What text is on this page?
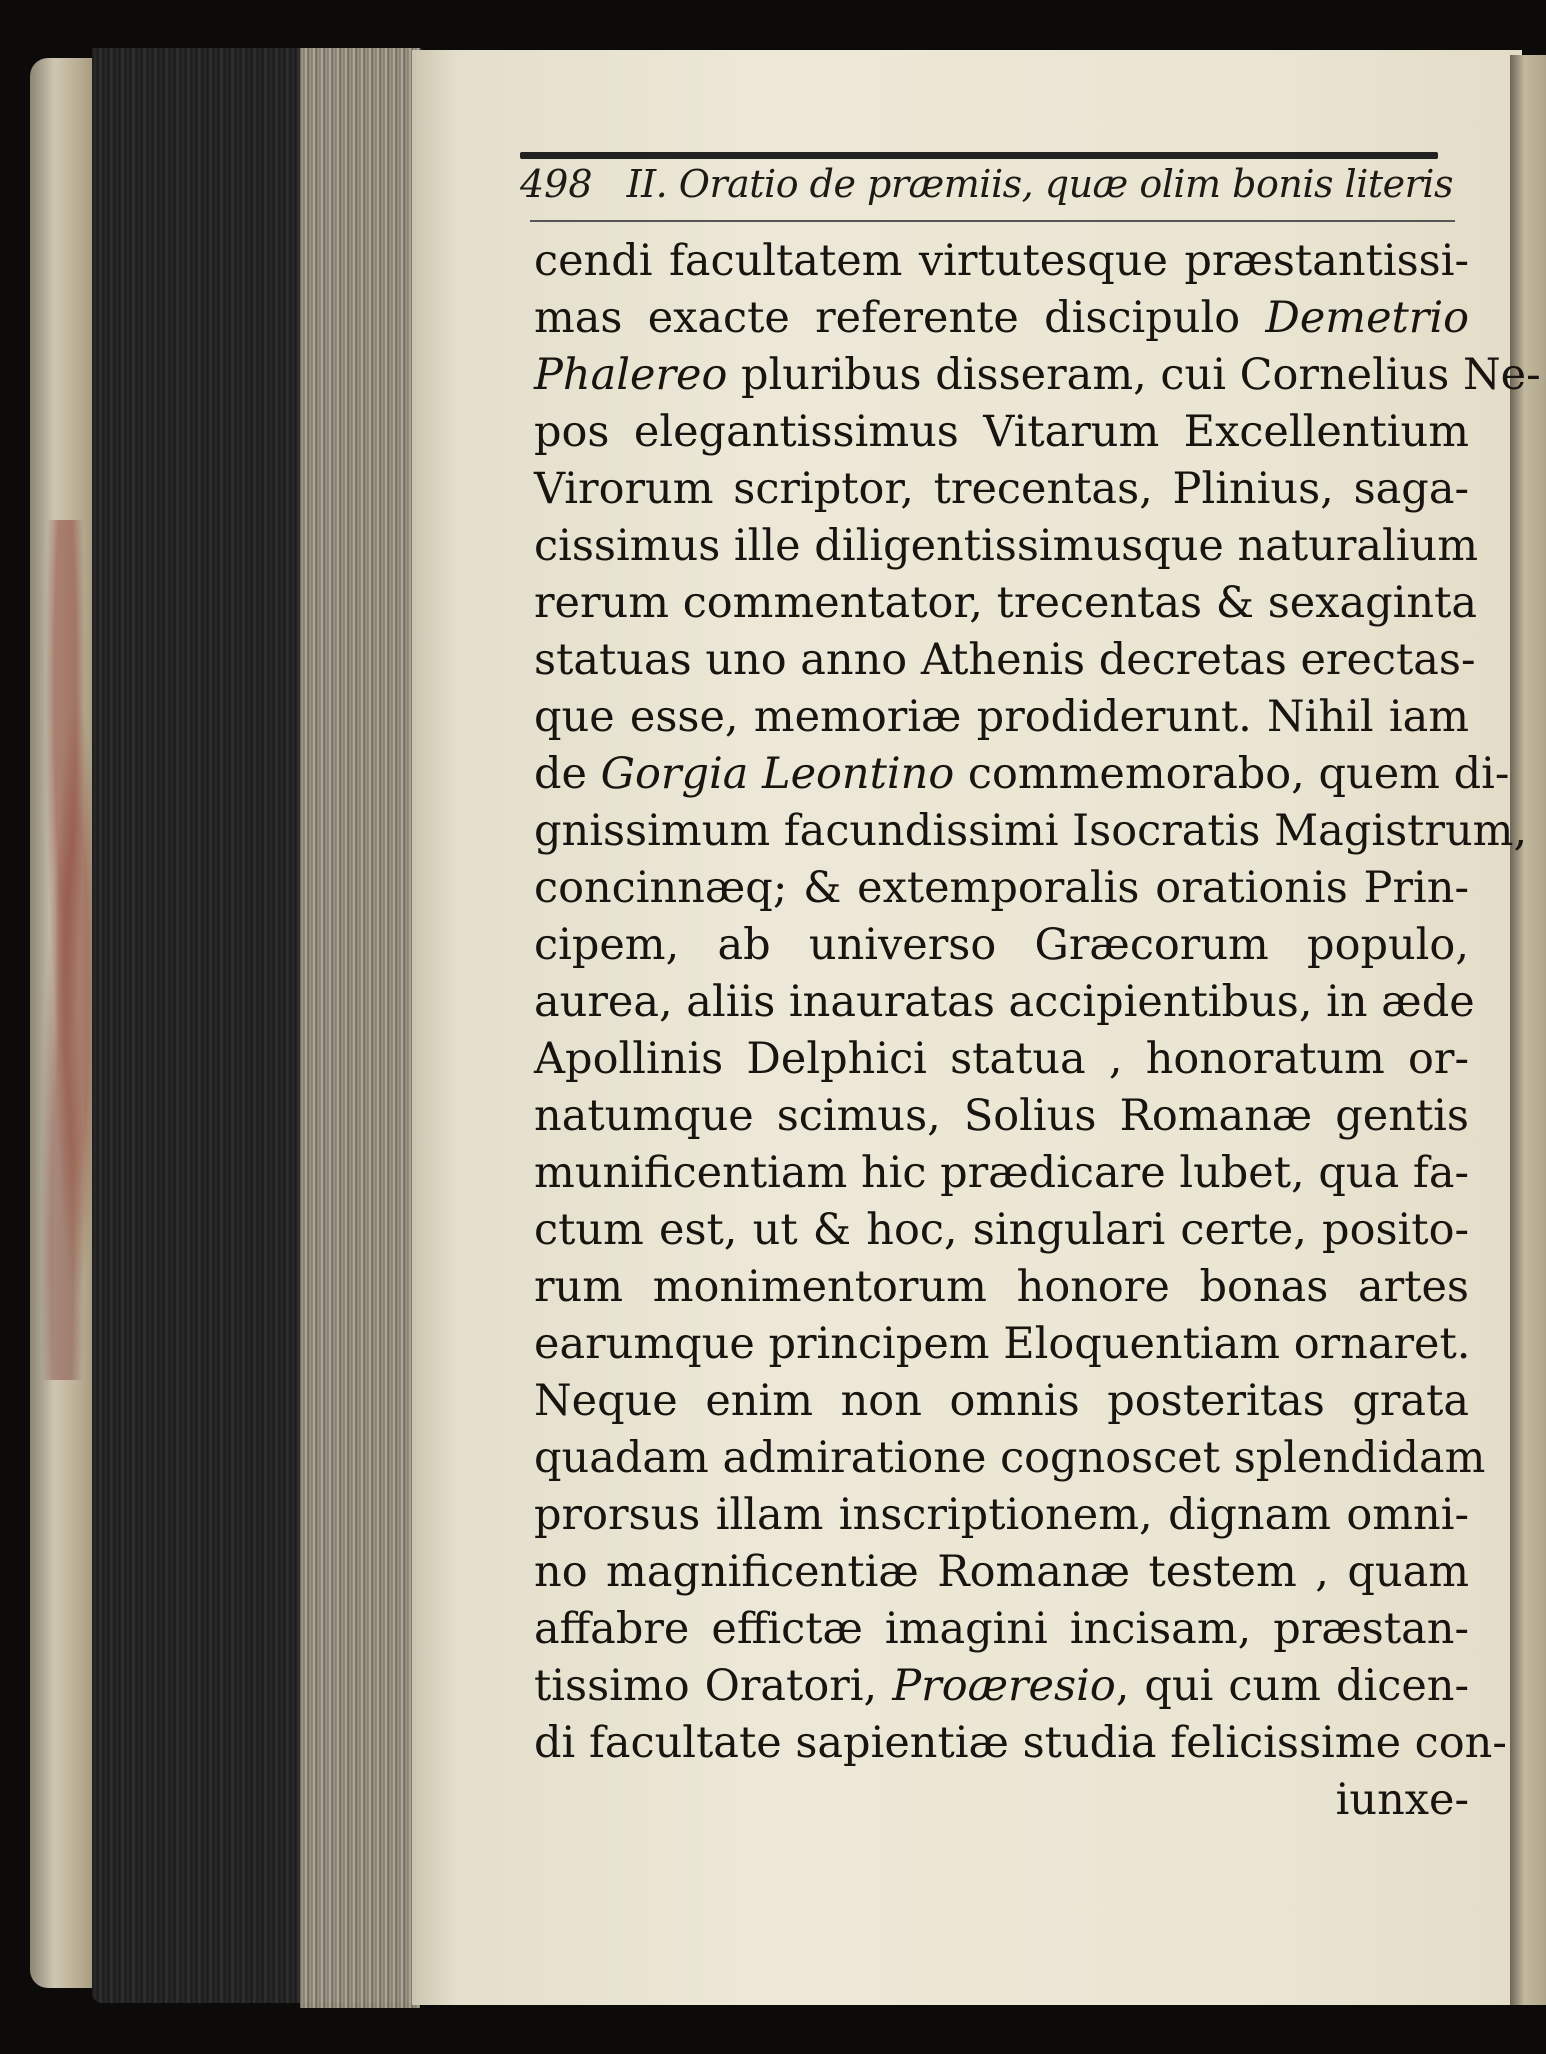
498 II. Oratio de præmiis, quæ olim bonis literis
cendi facultatem virtutesque præstantissi-
mas exacte referente discipulo Demetrio
Phalereo pluribus disseram, cui Cornelius Ne-
pos elegantissimus Vitarum Excellentium
Virorum scriptor, trecentas, Plinius, saga-
cissimus ille diligentissimusque naturalium
rerum commentator, trecentas & sexaginta
statuas uno anno Athenis decretas erectas-
que esse, memoriæ prodiderunt. Nihil iam
de Gorgia Leontino commemorabo, quem di-
gnissimum facundissimi Isocratis Magistrum,
concinnæq; & extemporalis orationis Prin-
cipem, ab universo Græcorum populo,
aurea, aliis inauratas accipientibus, in æde
Apollinis Delphici statua , honoratum or-
natumque scimus, Solius Romanæ gentis
munificentiam hic prædicare lubet, qua fa-
ctum est, ut & hoc, singulari certe, posito-
rum monimentorum honore bonas artes
earumque principem Eloquentiam ornaret.
Neque enim non omnis posteritas grata
quadam admiratione cognoscet splendidam
prorsus illam inscriptionem, dignam omni-
no magnificentiæ Romanæ testem , quam
affabre effictæ imagini incisam, præstan-
tissimo Oratori, Proæresio, qui cum dicen-
di facultate sapientiæ studia felicissime con-
iunxe-
